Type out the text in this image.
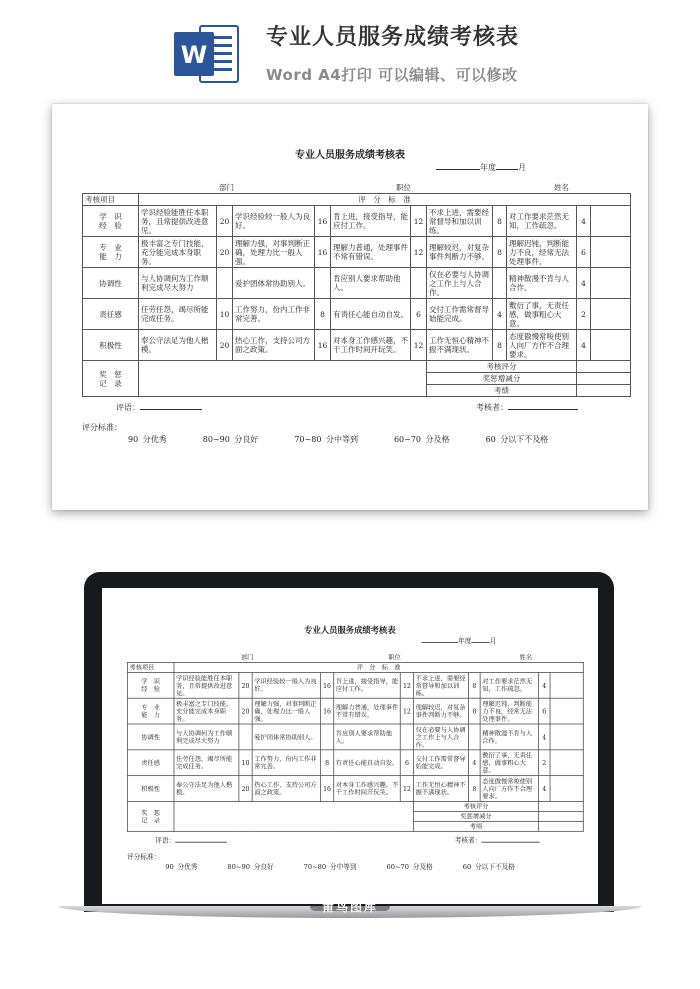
W
专业人员服务成绩考核表
Word A4打印 可以编辑、可以修改
专业人员服务成绩考核表
年度	月
	部门			职位				姓名			
考核项目	评　分　标　准										
学　识
经　验	学识经验能胜任本职务，且常提供改进意见。	20	学识经验较一般人为良好。	16	肯上进，接受指导，能应付工作。	12	不求上进，需要经常督导和加以训练。	8	对工作要求茫然无知，工作疏忽。	4	
专　业
能　力	极丰富之专门技能，充分能完成本身职务。	20	理解力强，对事判断正确，处理力比一般人强。	16	理解力普通，处理事件不常有错误。	12	理解较迟，对复杂事件判断力不够。	8	理解迟钝，判断能力不良，经常无法处理事件。	6	
协调性	与人协调何为工作顺利完成尽大努力		爱护团体常协助别人。		肯应别人要求帮助他人。		仅在必要与人协调之工作上与人合作。		精神散漫不肯与人合作。	4	
责任感	任劳任怨，竭尽所能完成任务。	10	工作努力，份内工作非常完善。	8	有责任心能自动自发。	6	交付工作需常督导始能完成。	4	敷衍了事，无责任感，做事粗心大意。	2	
积极性	奉公守法足为他人楷模。	20	热心工作，支持公司方面之政策。	16	对本身工作感兴趣，不干工作时间开玩笑。	12	工作无恒心精神不振不满现状。	8	态度傲慢常唆使别人向厂方作不合理要求。	4	
奖　惩
记　录							考核评分				
							奖惩增减分				
							考绩				
评语：	考核者：
评分标准：
90 分优秀	80~90 分良好	70~80 分中等到	60~70 分及格	60 分以下不及格
专业人员服务成绩考核表
年度 月
	部门			职位				姓名			
考核项目	评　分　标　准										
学　识
经　验	学识经验能胜任本职务，且常提供改进意见。	20	学识经验较一般人为良好。	16	肯上进，接受指导，能应付工作。	12	不求上进，需要经常督导和加以训练。	8	对工作要求茫然无知，工作疏忽。	4	
专　业
能　力	极丰富之专门技能，充分能完成本身职务。	20	理解力强，对事判断正确，处理力比一般人强。	16	理解力普通，处理事件不常有错误。	12	理解较迟，对复杂事件判断力不够。	8	理解迟钝，判断能力不良，经常无法处理事件。	6	
协调性	与人协调何为工作顺利完成尽大努力		爱护团体常协助别人。		肯应别人要求帮助他人。		仅在必要与人协调之工作上与人合作。		精神散漫不肯与人合作。	4	
责任感	任劳任怨，竭尽所能完成任务。	10	工作努力，份内工作非常完善。	8	有责任心能自动自发。	6	交付工作需常督导始能完成。	4	敷衍了事，无责任感，做事粗心大意。	2	
积极性	奉公守法足为他人楷模。	20	热心工作，支持公司方面之政策。	16	对本身工作感兴趣，不干工作时间开玩笑。	12	工作无恒心精神不振不满现状。	8	态度傲慢常唆使别人向厂方作不合理要求。	4	
奖　惩
记　录							考核评分				
							奖惩增减分				
							考绩				
评语：	考核者：
评分标准：
90 分优秀	80~90 分良好	70~80 分中等到	60~70 分及格	60 分以下不及格
莆鸟图库
